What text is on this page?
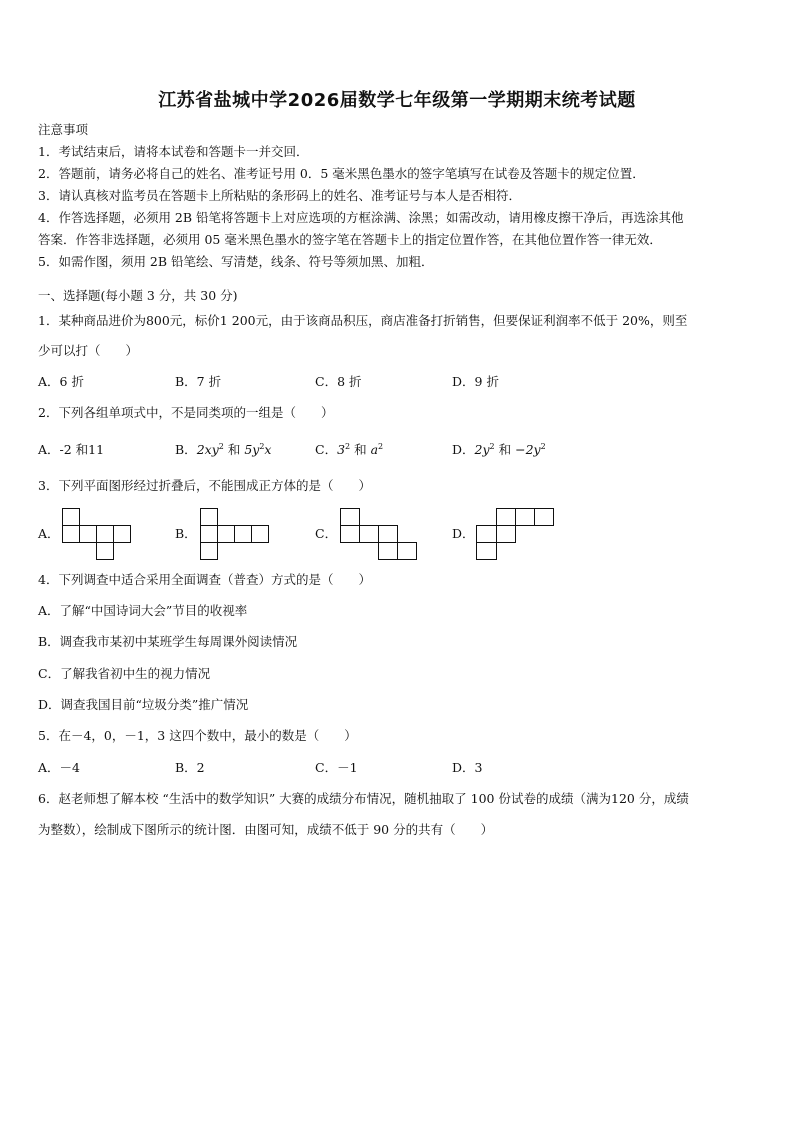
江苏省盐城中学2026届数学七年级第一学期期末统考试题
注意事项
1．考试结束后，请将本试卷和答题卡一并交回．
2．答题前，请务必将自己的姓名、准考证号用 0．5 毫米黑色墨水的签字笔填写在试卷及答题卡的规定位置．
3．请认真核对监考员在答题卡上所粘贴的条形码上的姓名、准考证号与本人是否相符．
4．作答选择题，必须用 2B 铅笔将答题卡上对应选项的方框涂满、涂黑；如需改动，请用橡皮擦干净后，再选涂其他
答案．作答非选择题，必须用 05 毫米黑色墨水的签字笔在答题卡上的指定位置作答，在其他位置作答一律无效．
5．如需作图，须用 2B 铅笔绘、写清楚，线条、符号等须加黑、加粗．
一、选择题(每小题 3 分，共 30 分)
1．某种商品进价为800元，标价1 200元，由于该商品积压，商店准备打折销售，但要保证利润率不低于 20%，则至
少可以打（　　）
A．6 折	B．7 折	C．8 折	D．9 折
2．下列各组单项式中，不是同类项的一组是（　　）
A．-2 和11	B．$2xy^2$ 和 $5y^2x$	C．$3^2$ 和 $a^2$	D．$2y^2$ 和 $-2y^2$
3．下列平面图形经过折叠后，不能围成正方体的是（　　）
A．	B．	C．	D．
4．下列调查中适合采用全面调查（普查）方式的是（　　）
A．了解“中国诗词大会”节目的收视率
B．调查我市某初中某班学生每周课外阅读情况
C．了解我省初中生的视力情况
D．调查我国目前“垃圾分类”推广情况
5．在－4，0，－1，3 这四个数中，最小的数是（　　）
A．－4	B．2	C．－1	D．3
6．赵老师想了解本校 “生活中的数学知识” 大赛的成绩分布情况，随机抽取了 100 份试卷的成绩（满为120 分，成绩
为整数），绘制成下图所示的统计图．由图可知，成绩不低于 90 分的共有（　　）
